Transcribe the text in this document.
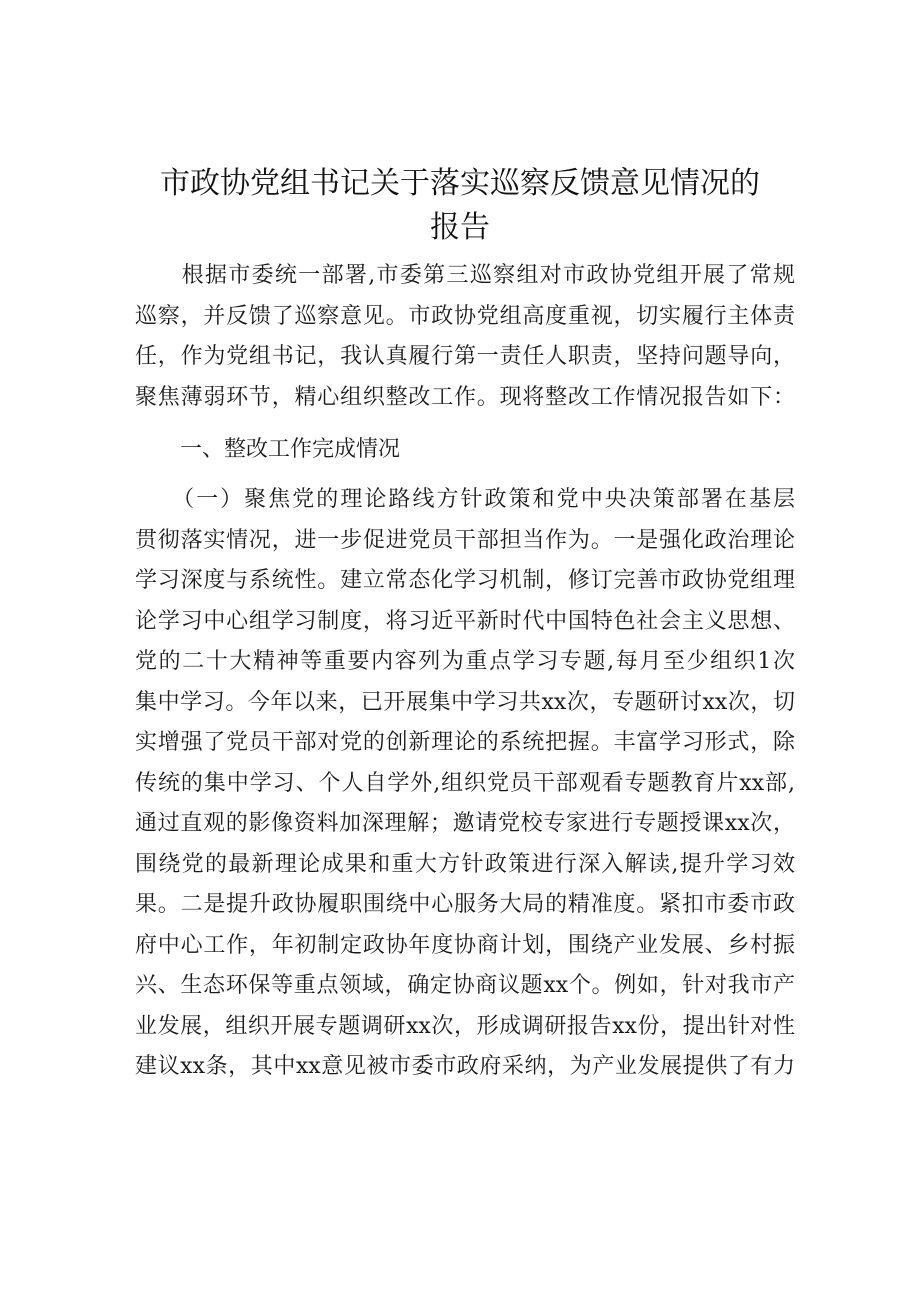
市政协党组书记关于落实巡察反馈意见情况的
报告
　　根据市委统一部署,市委第三巡察组对市政协党组开展了常规
巡察，并反馈了巡察意见。市政协党组高度重视，切实履行主体责
任，作为党组书记，我认真履行第一责任人职责，坚持问题导向，
聚焦薄弱环节，精心组织整改工作。现将整改工作情况报告如下：
一、整改工作完成情况
　　（一）聚焦党的理论路线方针政策和党中央决策部署在基层
贯彻落实情况，进一步促进党员干部担当作为。一是强化政治理论
学习深度与系统性。建立常态化学习机制，修订完善市政协党组理
论学习中心组学习制度，将习近平新时代中国特色社会主义思想、
党的二十大精神等重要内容列为重点学习专题,每月至少组织1次
集中学习。今年以来，已开展集中学习共xx次，专题研讨xx次，切
实增强了党员干部对党的创新理论的系统把握。丰富学习形式，除
传统的集中学习、个人自学外,组织党员干部观看专题教育片xx部,
通过直观的影像资料加深理解；邀请党校专家进行专题授课xx次，
围绕党的最新理论成果和重大方针政策进行深入解读,提升学习效
果。二是提升政协履职围绕中心服务大局的精准度。紧扣市委市政
府中心工作，年初制定政协年度协商计划，围绕产业发展、乡村振
兴、生态环保等重点领域，确定协商议题xx个。例如，针对我市产
业发展，组织开展专题调研xx次，形成调研报告xx份，提出针对性
建议xx条，其中xx意见被市委市政府采纳，为产业发展提供了有力
